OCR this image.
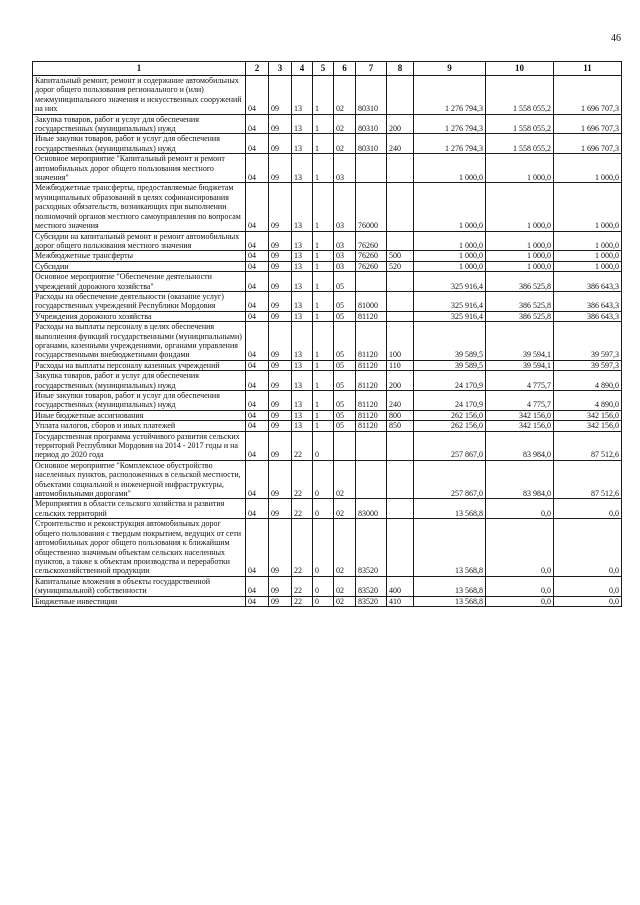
46
1	2	3	4	5	6	7	8	9	10	11
Капитальный ремонт, ремонт и содержание автомобильных дорог общего пользования регионального и (или) межмуниципального значения и искусственных сооружений на них	04	09	13	1	02	80310		1 276 794,3	1 558 055,2	1 696 707,3
Закупка товаров, работ и услуг для обеспечения государственных (муниципальных) нужд	04	09	13	1	02	80310	200	1 276 794,3	1 558 055,2	1 696 707,3
Иные закупки товаров, работ и услуг для обеспечения государственных (муниципальных) нужд	04	09	13	1	02	80310	240	1 276 794,3	1 558 055,2	1 696 707,3
Основное мероприятие "Капитальный ремонт и ремонт автомобильных дорог общего пользования местного значения"	04	09	13	1	03			1 000,0	1 000,0	1 000,0
Межбюджетные трансферты, предоставляемые бюджетам муниципальных образований в целях софинансирования расходных обязательств, возникающих при выполнении полномочий органов местного самоуправления по вопросам местного значения	04	09	13	1	03	76000		1 000,0	1 000,0	1 000,0
Субсидии на капитальный ремонт и ремонт автомобильных дорог общего пользования местного значения	04	09	13	1	03	76260		1 000,0	1 000,0	1 000,0
Межбюджетные трансферты	04	09	13	1	03	76260	500	1 000,0	1 000,0	1 000,0
Субсидии	04	09	13	1	03	76260	520	1 000,0	1 000,0	1 000,0
Основное мероприятие "Обеспечение деятельности учреждений дорожного хозяйства"	04	09	13	1	05			325 916,4	386 525,8	386 643,3
Расходы на обеспечение деятельности (оказание услуг) государственных учреждений Республики Мордовия	04	09	13	1	05	81000		325 916,4	386 525,8	386 643,3
Учреждения дорожного хозяйства	04	09	13	1	05	81120		325 916,4	386 525,8	386 643,3
Расходы на выплаты персоналу в целях обеспечения выполнения функций государственными (муниципальными) органами, казенными учреждениями, органами управления государственными внебюджетными фондами	04	09	13	1	05	81120	100	39 589,5	39 594,1	39 597,3
Расходы на выплаты персоналу казенных учреждений	04	09	13	1	05	81120	110	39 589,5	39 594,1	39 597,3
Закупка товаров, работ и услуг для обеспечения государственных (муниципальных) нужд	04	09	13	1	05	81120	200	24 170,9	4 775,7	4 890,0
Иные закупки товаров, работ и услуг для обеспечения государственных (муниципальных) нужд	04	09	13	1	05	81120	240	24 170,9	4 775,7	4 890,0
Иные бюджетные ассигнования	04	09	13	1	05	81120	800	262 156,0	342 156,0	342 156,0
Уплата налогов, сборов и иных платежей	04	09	13	1	05	81120	850	262 156,0	342 156,0	342 156,0
Государственная программа устойчивого развития сельских территорий Республики Мордовия на 2014 - 2017 годы и на период до 2020 года	04	09	22	0				257 867,0	83 984,0	87 512,6
Основное мероприятие "Комплексное обустройство населенных пунктов, расположенных в сельской местности, объектами социальной и инженерной инфраструктуры, автомобильными дорогами"	04	09	22	0	02			257 867,0	83 984,0	87 512,6
Мероприятия в области сельского хозяйства и развития сельских территорий	04	09	22	0	02	83000		13 568,8	0,0	0,0
Строительство и реконструкция автомобильных дорог общего пользования с твердым покрытием, ведущих от сети автомобильных дорог общего пользования к ближайшим общественно значимым объектам сельских населенных пунктов, а также к объектам производства и переработки сельскохозяйственной продукции	04	09	22	0	02	83520		13 568,8	0,0	0,0
Капитальные вложения в объекты государственной (муниципальной) собственности	04	09	22	0	02	83520	400	13 568,8	0,0	0,0
Бюджетные инвестиции	04	09	22	0	02	83520	410	13 568,8	0,0	0,0
